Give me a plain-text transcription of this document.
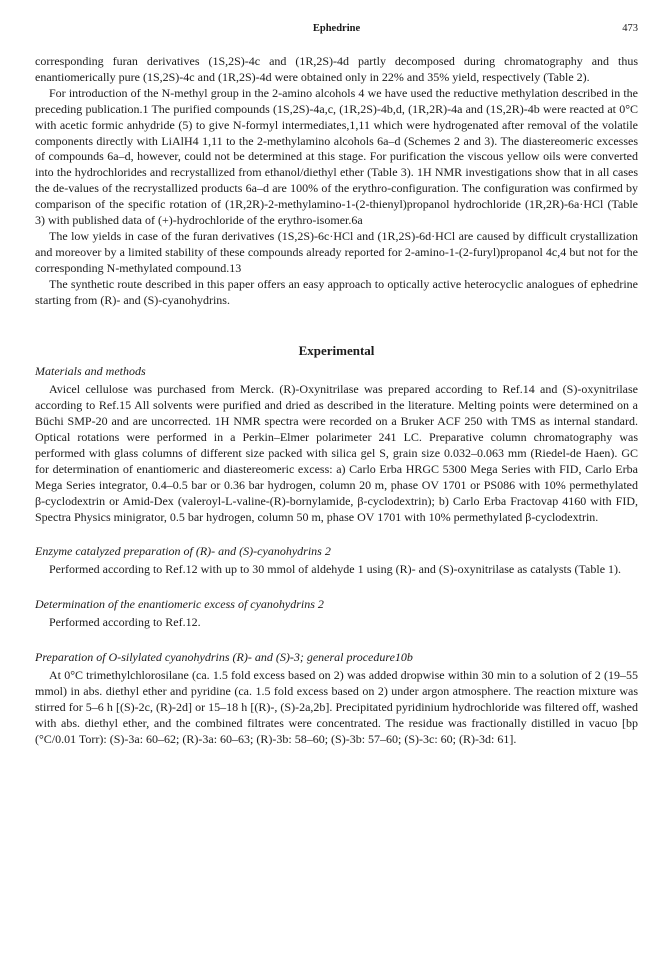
Ephedrine	473

corresponding furan derivatives (1S,2S)-4c and (1R,2S)-4d partly decomposed during chromatography and thus enantiomerically pure (1S,2S)-4c and (1R,2S)-4d were obtained only in 22% and 35% yield, respectively (Table 2).

For introduction of the N-methyl group in the 2-amino alcohols 4 we have used the reductive methylation described in the preceding publication.1 The purified compounds (1S,2S)-4a,c, (1R,2S)-4b,d, (1R,2R)-4a and (1S,2R)-4b were reacted at 0°C with acetic formic anhydride (5) to give N-formyl intermediates,1,11 which were hydrogenated after removal of the volatile components directly with LiAlH4 1,11 to the 2-methylamino alcohols 6a–d (Schemes 2 and 3). The diastereomeric excesses of compounds 6a–d, however, could not be determined at this stage. For purification the viscous yellow oils were converted into the hydrochlorides and recrystallized from ethanol/diethyl ether (Table 3). 1H NMR investigations show that in all cases the de-values of the recrystallized products 6a–d are 100% of the erythro-configuration. The configuration was confirmed by comparison of the specific rotation of (1R,2R)-2-methylamino-1-(2-thienyl)propanol hydrochloride (1R,2R)-6a·HCl (Table 3) with published data of (+)-hydrochloride of the erythro-isomer.6a

The low yields in case of the furan derivatives (1S,2S)-6c·HCl and (1R,2S)-6d·HCl are caused by difficult crystallization and moreover by a limited stability of these compounds already reported for 2-amino-1-(2-furyl)propanol 4c,4 but not for the corresponding N-methylated compound.13

The synthetic route described in this paper offers an easy approach to optically active heterocyclic analogues of ephedrine starting from (R)- and (S)-cyanohydrins.

Experimental
Materials and methods

Avicel cellulose was purchased from Merck. (R)-Oxynitrilase was prepared according to Ref.14 and (S)-oxynitrilase according to Ref.15 All solvents were purified and dried as described in the literature. Melting points were determined on a Büchi SMP-20 and are uncorrected. 1H NMR spectra were recorded on a Bruker ACF 250 with TMS as internal standard. Optical rotations were performed in a Perkin–Elmer polarimeter 241 LC. Preparative column chromatography was performed with glass columns of different size packed with silica gel S, grain size 0.032–0.063 mm (Riedel-de Haen). GC for determination of enantiomeric and diastereomeric excess: a) Carlo Erba HRGC 5300 Mega Series with FID, Carlo Erba Mega Series integrator, 0.4–0.5 bar or 0.36 bar hydrogen, column 20 m, phase OV 1701 or PS086 with 10% permethylated β-cyclodextrin or Amid-Dex (valeroyl-L-valine-(R)-bornylamide, β-cyclodextrin); b) Carlo Erba Fractovap 4160 with FID, Spectra Physics minigrator, 0.5 bar hydrogen, column 50 m, phase OV 1701 with 10% permethylated β-cyclodextrin.

Enzyme catalyzed preparation of (R)- and (S)-cyanohydrins 2

Performed according to Ref.12 with up to 30 mmol of aldehyde 1 using (R)- and (S)-oxynitrilase as catalysts (Table 1).

Determination of the enantiomeric excess of cyanohydrins 2

Performed according to Ref.12.

Preparation of O-silylated cyanohydrins (R)- and (S)-3; general procedure10b

At 0°C trimethylchlorosilane (ca. 1.5 fold excess based on 2) was added dropwise within 30 min to a solution of 2 (19–55 mmol) in abs. diethyl ether and pyridine (ca. 1.5 fold excess based on 2) under argon atmosphere. The reaction mixture was stirred for 5–6 h [(S)-2c, (R)-2d] or 15–18 h [(R)-, (S)-2a,2b]. Precipitated pyridinium hydrochloride was filtered off, washed with abs. diethyl ether, and the combined filtrates were concentrated. The residue was fractionally distilled in vacuo [bp (°C/0.01 Torr): (S)-3a: 60–62; (R)-3a: 60–63; (R)-3b: 58–60; (S)-3b: 57–60; (S)-3c: 60; (R)-3d: 61].
